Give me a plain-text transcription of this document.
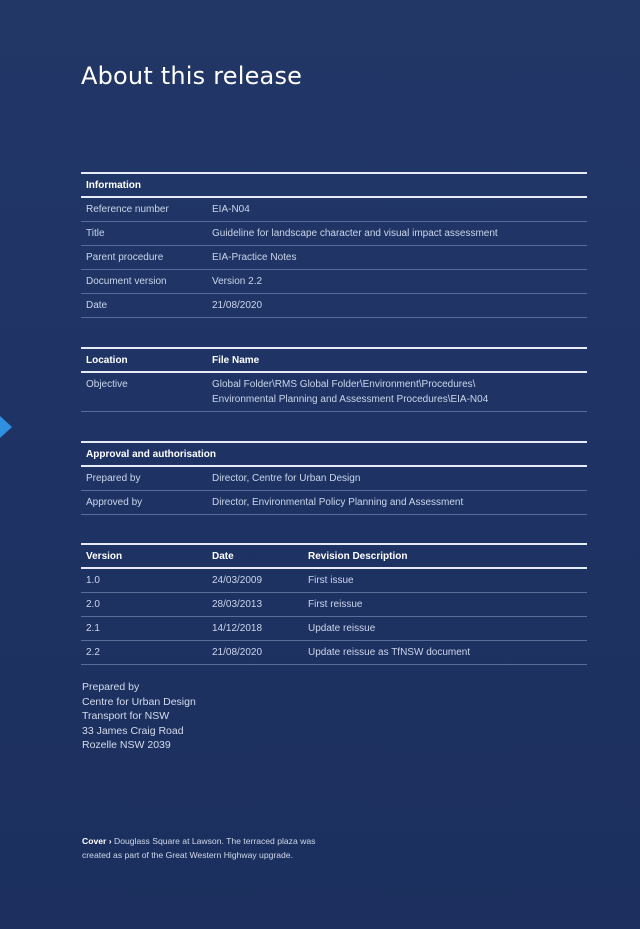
About this release
Information	
Reference number	EIA-N04
Title	Guideline for landscape character and visual impact assessment
Parent procedure	EIA-Practice Notes
Document version	Version 2.2
Date	21/08/2020
Location	File Name
Objective	Global Folder\RMS Global Folder\Environment\Procedures\
Environmental Planning and Assessment Procedures\EIA-N04
Approval and authorisation	
Prepared by	Director, Centre for Urban Design
Approved by	Director, Environmental Policy Planning and Assessment
Version	Date	Revision Description
1.0	24/03/2009	First issue
2.0	28/03/2013	First reissue
2.1	14/12/2018	Update reissue
2.2	21/08/2020	Update reissue as TfNSW document
Prepared by
Centre for Urban Design
Transport for NSW
33 James Craig Road
Rozelle NSW 2039
Cover › Douglass Square at Lawson. The terraced plaza was
created as part of the Great Western Highway upgrade.
